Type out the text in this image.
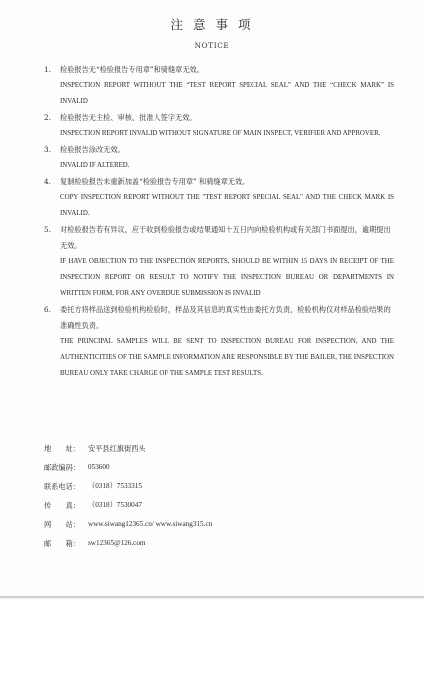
注 意 事 项
NOTICE
1. 检验报告无“检验报告专用章”和骑缝章无效。
INSPECTION REPORT WITHOUT THE “TEST REPORT SPECIAL SEAL” AND THE “CHECK MARK” IS INVALID
2. 检验报告无主检、审核、批准人签字无效。
INSPECTION REPORT INVALID WITHOUT SIGNATURE OF MAIN INSPECT, VERIFIER AND APPROVER.
3. 检验报告涂改无效。
INVALID IF ALTERED.
4. 复制检验报告未重新加盖“检验报告专用章” 和骑缝章无效。
COPY INSPECTION REPORT WITHOUT THE "TEST REPORT SPECIAL SEAL" AND THE CHECK MARK IS INVALID.
5. 对检验报告若有异议，应于收到检验报告或结果通知十五日内向检验机构或有关部门书面提出，逾期提出无效。
IF HAVE OBJECTION TO THE INSPECTION REPORTS, SHOULD BE WITHIN 15 DAYS IN RECEIPT OF THE INSPECTION REPORT OR RESULT TO NOTIFY THE INSPECTION BUREAU OR DEPARTMENTS IN WRITTEN FORM, FOR ANY OVERDUE SUBMISSION IS INVALID
6. 委托方将样品送到检验机构检验时，样品及其信息的真实性由委托方负责，检验机构仅对样品检验结果的准确性负责。
THE PRINCIPAL SAMPLES WILL BE SENT TO INSPECTION BUREAU FOR INSPECTION, AND THE AUTHENTICITIES OF THE SAMPLE INFORMATION ARE RESPONSIBLE BY THE BAILER, THE INSPECTION BUREAU ONLY TAKE CHARGE OF THE SAMPLE TEST RESULTS.
地　　址： 安平县红旗街西头
邮政编码： 053600
联系电话： （0318）7533315
传　　真： （0318）7530047
网　　站： www.siwang12365.cn/ www.siwang315.cn
邮　　箱： sw12365@126.com
